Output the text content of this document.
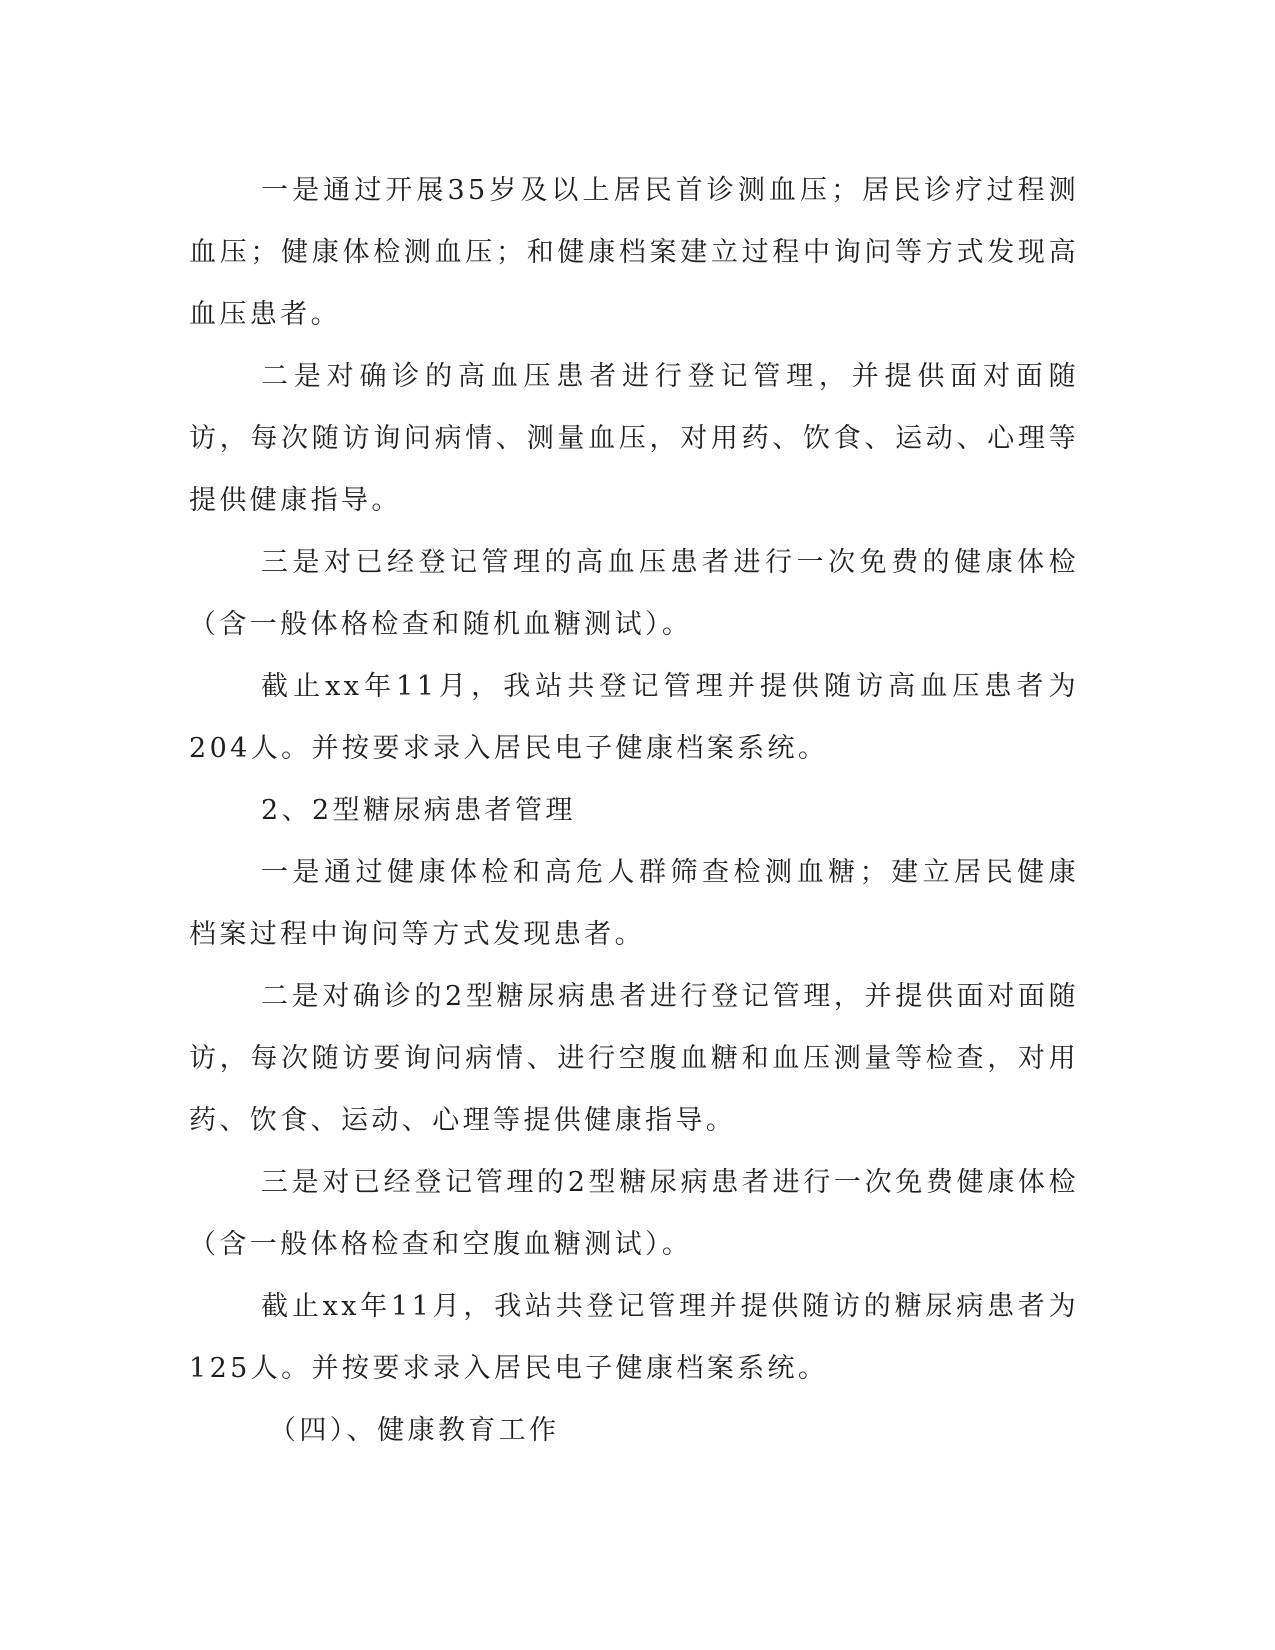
一是通过开展35岁及以上居民首诊测血压；居民诊疗过程测血压；健康体检测血压；和健康档案建立过程中询问等方式发现高血压患者。

二是对确诊的高血压患者进行登记管理，并提供面对面随访，每次随访询问病情、测量血压，对用药、饮食、运动、心理等提供健康指导。

三是对已经登记管理的高血压患者进行一次免费的健康体检（含一般体格检查和随机血糖测试）。

截止xx年11月，我站共登记管理并提供随访高血压患者为204人。并按要求录入居民电子健康档案系统。

2、2型糖尿病患者管理

一是通过健康体检和高危人群筛查检测血糖；建立居民健康档案过程中询问等方式发现患者。

二是对确诊的2型糖尿病患者进行登记管理，并提供面对面随访，每次随访要询问病情、进行空腹血糖和血压测量等检查，对用药、饮食、运动、心理等提供健康指导。

三是对已经登记管理的2型糖尿病患者进行一次免费健康体检（含一般体格检查和空腹血糖测试）。

截止xx年11月，我站共登记管理并提供随访的糖尿病患者为125人。并按要求录入居民电子健康档案系统。

（四）、健康教育工作
